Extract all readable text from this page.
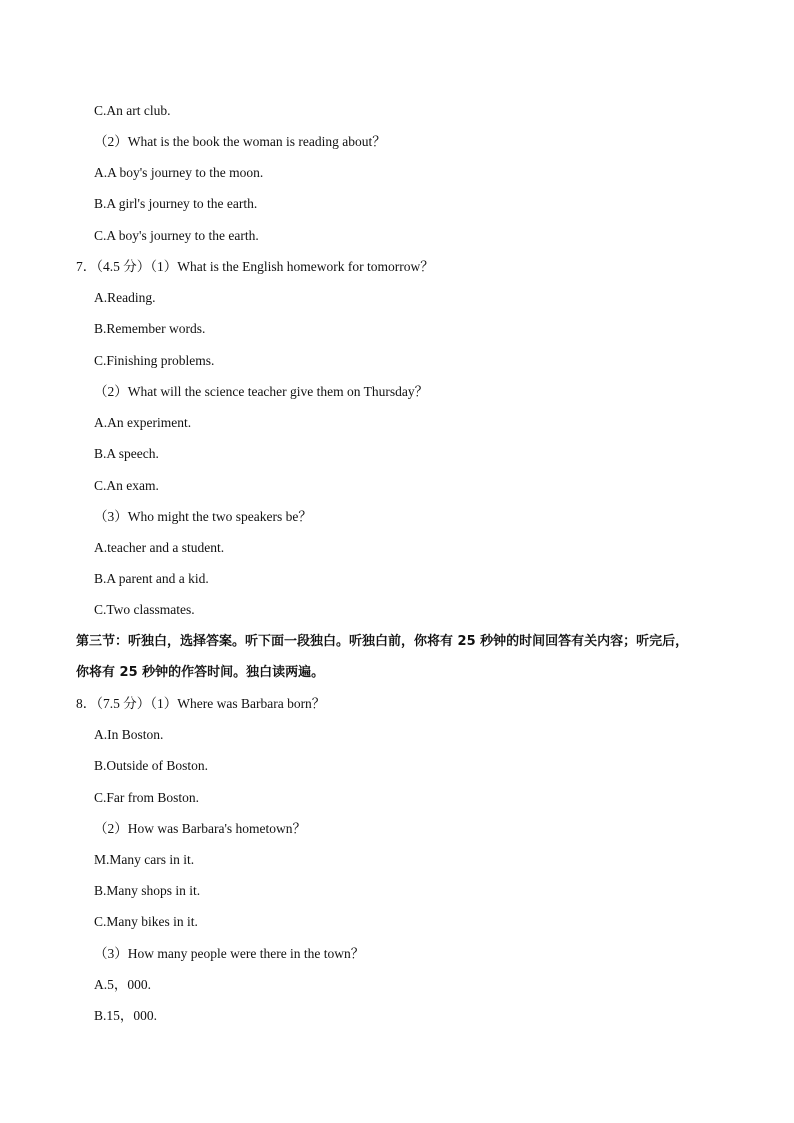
C.An art club.
（2）What is the book the woman is reading about？
A.A boy's journey to the moon.
B.A girl's journey to the earth.
C.A boy's journey to the earth.
7．（4.5 分）（1）What is the English homework for tomorrow？
A.Reading.
B.Remember words.
C.Finishing problems.
（2）What will the science teacher give them on Thursday？
A.An experiment.
B.A speech.
C.An exam.
（3）Who might the two speakers be？
A.teacher and a student.
B.A parent and a kid.
C.Two classmates.
第三节：听独白，选择答案。听下面一段独白。听独白前，你将有 25 秒钟的时间回答有关内容；听完后，
你将有 25 秒钟的作答时间。独白读两遍。
8．（7.5 分）（1）Where was Barbara born？
A.In Boston.
B.Outside of Boston.
C.Far from Boston.
（2）How was Barbara's hometown？
M.Many cars in it.
B.Many shops in it.
C.Many bikes in it.
（3）How many people were there in the town？
A.5，000.
B.15，000.
